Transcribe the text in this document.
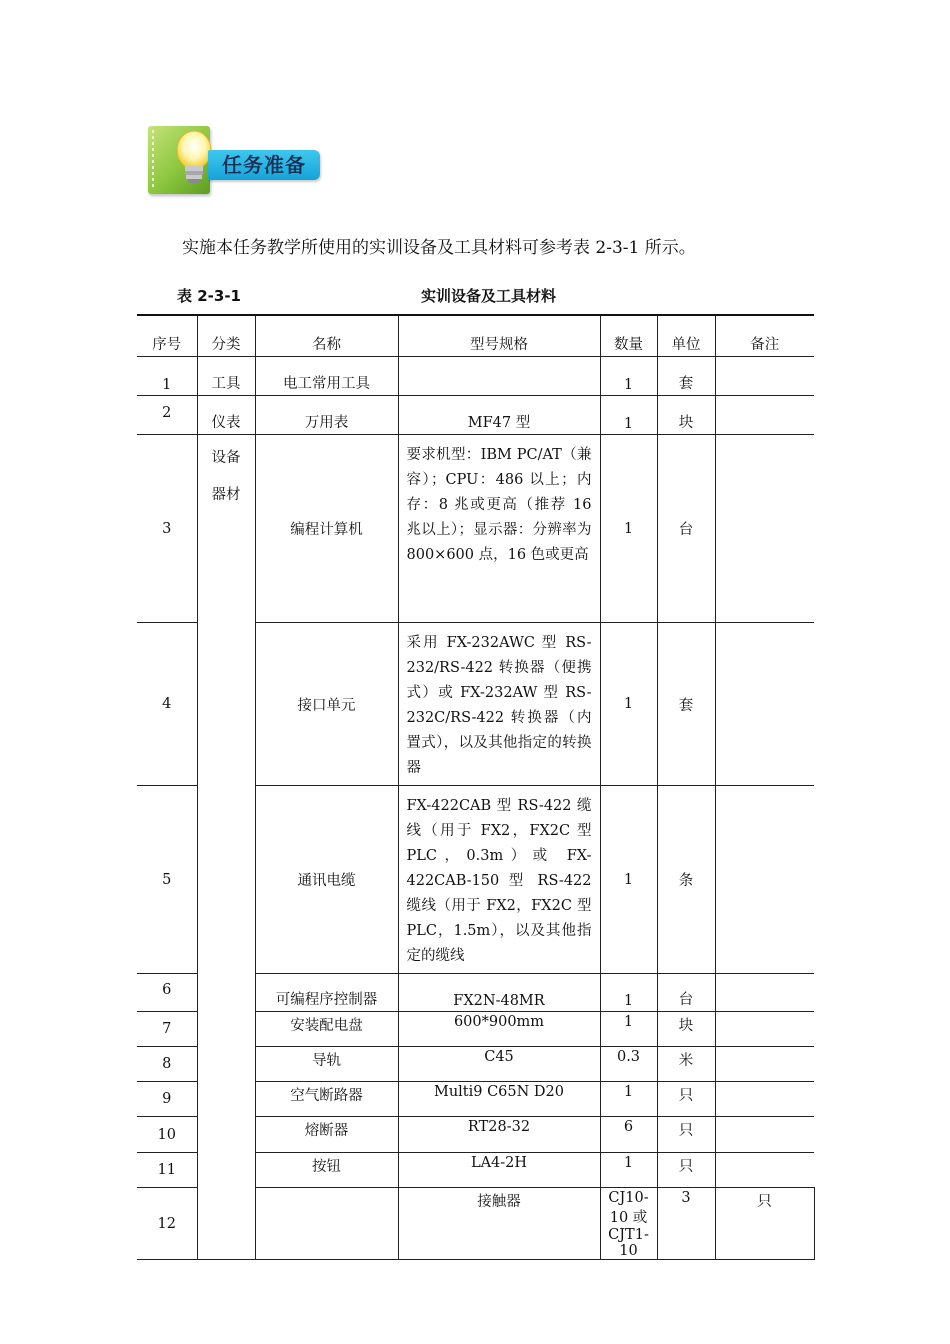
任务准备
实施本任务教学所使用的实训设备及工具材料可参考表 2-3-1 所示。
表 2-3-1	实训设备及工具材料
序号	分类	名称	型号规格	数量	单位	备注	
1	工具	电工常用工具		1	套		
2	仪表	万用表	MF47 型	1	块		
3	设备器材	编程计算机	要求机型：IBM PC/AT（兼容）；CPU：486 以上；内存：8 兆或更高（推荐 16 兆以上）；显示器：分辨率为 800×600 点，16 色或更高	1	台		
4		接口单元	采用 FX-232AWC 型 RS-232/RS-422 转换器（便携式）或 FX-232AW 型 RS-232C/RS-422 转换器（内置式），以及其他指定的转换器	1	套		
5		通讯电缆	FX-422CAB 型 RS-422 缆线（用于 FX2，FX2C 型 PLC，0.3m）或 FX-422CAB-150 型 RS-422 缆线（用于 FX2，FX2C 型 PLC，1.5m），以及其他指定的缆线	1	条		
6		可编程序控制器	FX2N-48MR	1	台		
7		安装配电盘	600*900mm	1	块		
8		导轨	C45	0.3	米		
9		空气断路器	Multi9 C65N D20	1	只		
10		熔断器	RT28-32	6	只		
11		按钮	LA4-2H	1	只		
12			接触器	CJ10-10 或 CJT1-10	3	只	
